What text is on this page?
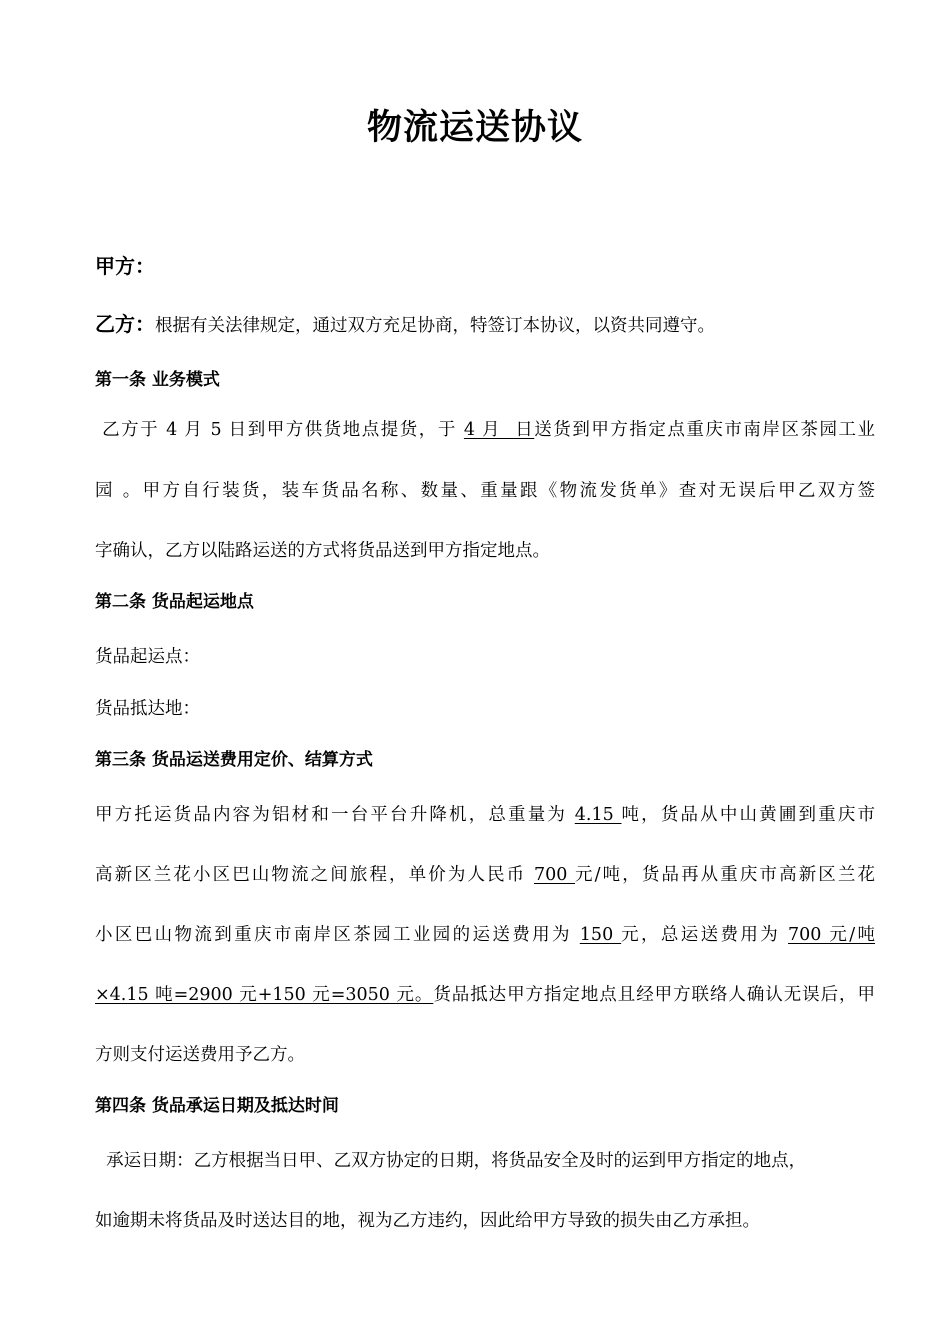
物流运送协议
甲方：
乙方：根据有关法律规定，通过双方充足协商，特签订本协议，以资共同遵守。
第一条 业务模式
乙方于 4 月 5 日到甲方供货地点提货，于 4 月  日送货到甲方指定点重庆市南岸区茶园工业
园 。甲方自行装货，装车货品名称、数量、重量跟《物流发货单》查对无误后甲乙双方签
字确认，乙方以陆路运送的方式将货品送到甲方指定地点。
第二条 货品起运地点
货品起运点：
货品抵达地：
第三条 货品运送费用定价、结算方式
甲方托运货品内容为铝材和一台平台升降机，总重量为 4.15 吨，货品从中山黄圃到重庆市
高新区兰花小区巴山物流之间旅程，单价为人民币 700 元/吨，货品再从重庆市高新区兰花
小区巴山物流到重庆市南岸区茶园工业园的运送费用为 150 元，总运送费用为 700 元/吨
×4.15 吨=2900 元+150 元=3050 元。货品抵达甲方指定地点且经甲方联络人确认无误后，甲
方则支付运送费用予乙方。
第四条 货品承运日期及抵达时间
承运日期：乙方根据当日甲、乙双方协定的日期，将货品安全及时的运到甲方指定的地点，
如逾期未将货品及时送达目的地，视为乙方违约，因此给甲方导致的损失由乙方承担。
